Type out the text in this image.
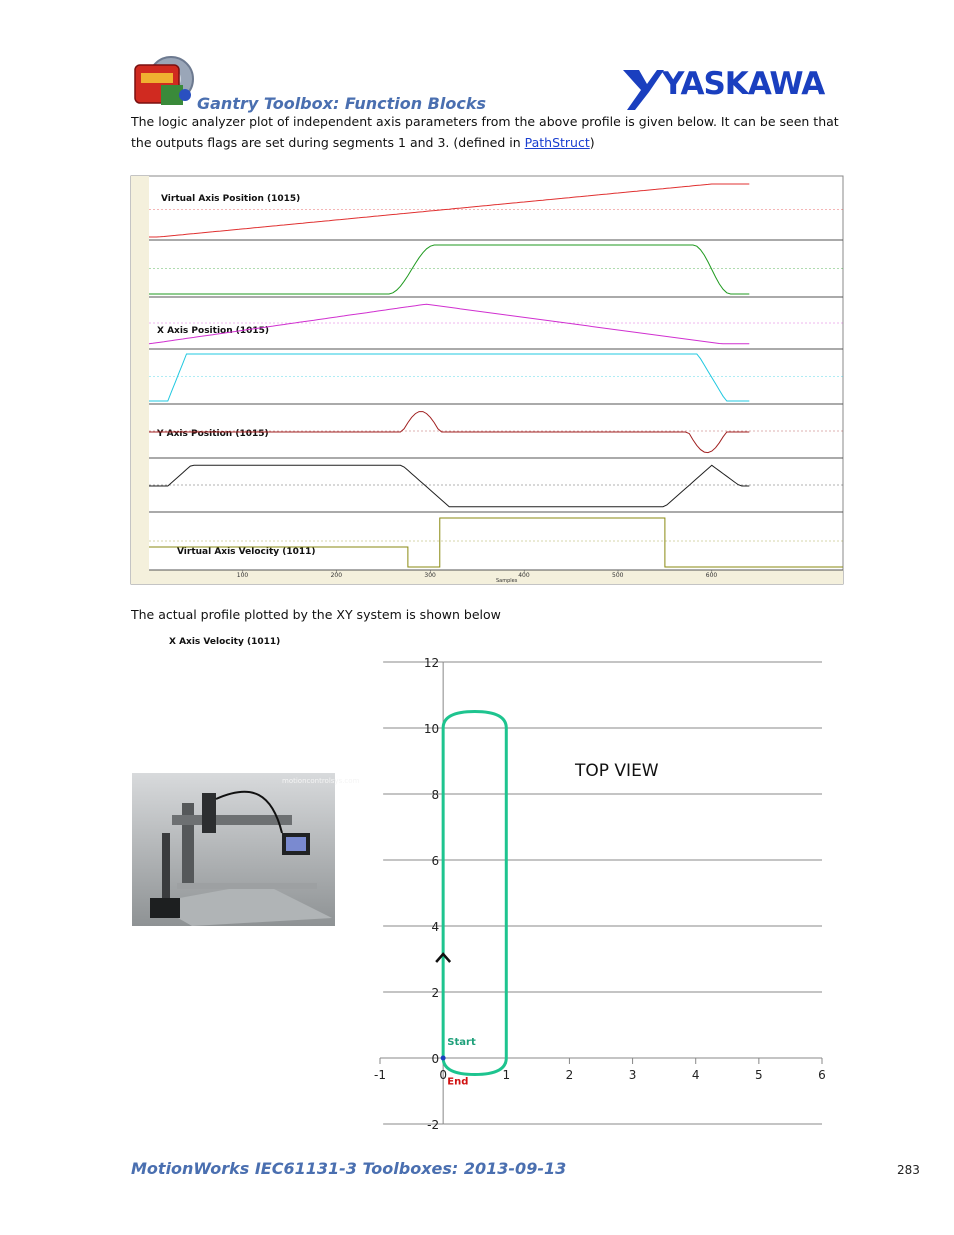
Gantry Toolbox: Function Blocks
YASKAWA
The logic analyzer plot of independent axis parameters from the above profile is given below. It can be seen that the outputs flags are set during segments 1 and 3. (defined in PathStruct)
Virtual Axis Position (1015)
X Axis Position (1015)
Y Axis Position (1015)
Virtual Axis Velocity (1011)
X Axis Velocity (1011)
100	200	300	400	500	600
Samples
The actual profile plotted by the XY system is shown below
motioncontrolsys.com
-2
0
2
4
6
8
10
12
-1	0	1	2	3	4	5	6
Start
End
TOP VIEW
MotionWorks IEC61131-3 Toolboxes: 2013-09-13	283
